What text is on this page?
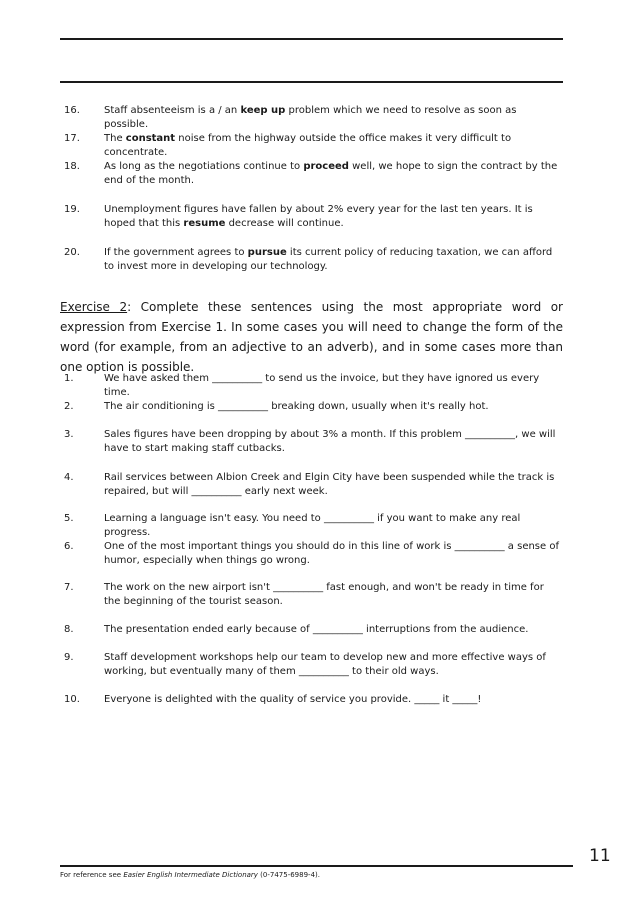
16. Staff absenteeism is a / an keep up problem which we need to resolve as soon as possible.
17. The constant noise from the highway outside the office makes it very difficult to concentrate.
18. As long as the negotiations continue to proceed well, we hope to sign the contract by the end of the month.
19. Unemployment figures have fallen by about 2% every year for the last ten years. It is hoped that this resume decrease will continue.
20. If the government agrees to pursue its current policy of reducing taxation, we can afford to invest more in developing our technology.
Exercise 2: Complete these sentences using the most appropriate word or expression from Exercise 1. In some cases you will need to change the form of the word (for example, from an adjective to an adverb), and in some cases more than one option is possible.
1.	We have asked them __________ to send us the invoice, but they have ignored us every time.
2.	The air conditioning is __________ breaking down, usually when it's really hot.
3.	Sales figures have been dropping by about 3% a month. If this problem __________, we will have to start making staff cutbacks.
4.	Rail services between Albion Creek and Elgin City have been suspended while the track is repaired, but will __________ early next week.
5.	Learning a language isn't easy. You need to __________ if you want to make any real progress.
6.	One of the most important things you should do in this line of work is __________ a sense of humor, especially when things go wrong.
7.	The work on the new airport isn't __________ fast enough, and won't be ready in time for the beginning of the tourist season.
8.	The presentation ended early because of __________ interruptions from the audience.
9.	Staff development workshops help our team to develop new and more effective ways of working, but eventually many of them __________ to their old ways.
10. Everyone is delighted with the quality of service you provide. _____ it _____!
11
For reference see Easier English Intermediate Dictionary (0-7475-6989-4).
